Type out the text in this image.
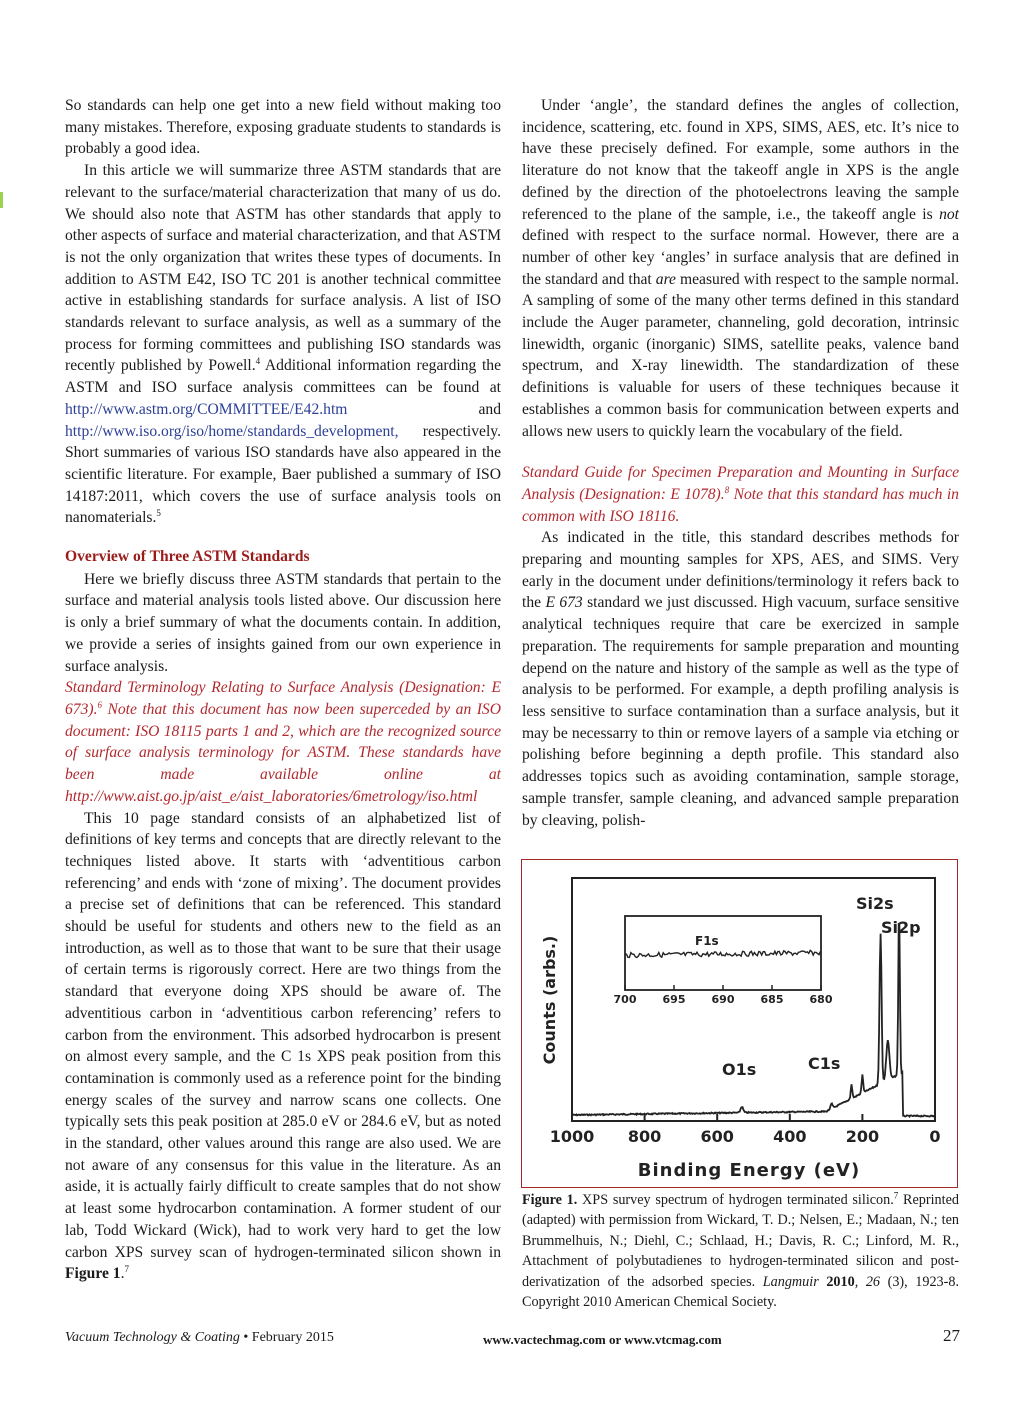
So standards can help one get into a new field without making too many mistakes. Therefore, exposing graduate students to standards is probably a good idea.

In this article we will summarize three ASTM standards that are relevant to the surface/material characterization that many of us do. We should also note that ASTM has other standards that apply to other aspects of surface and material characterization, and that ASTM is not the only organization that writes these types of documents. In addition to ASTM E42, ISO TC 201 is another technical committee active in establishing standards for surface analysis. A list of ISO standards relevant to surface analysis, as well as a summary of the process for forming committees and publishing ISO standards was recently published by Powell.$^4$ Additional information regarding the ASTM and ISO surface analysis committees can be found at http://www.astm.org/COMMITTEE/E42.htm and http://www.iso.org/iso/home/standards_development, respectively. Short summaries of various ISO standards have also appeared in the scientific literature. For example, Baer published a summary of ISO 14187:2011, which covers the use of surface analysis tools on nanomaterials.$^5$

Overview of Three ASTM Standards

Here we briefly discuss three ASTM standards that pertain to the surface and material analysis tools listed above. Our discussion here is only a brief summary of what the documents contain. In addition, we provide a series of insights gained from our own experience in surface analysis.

Standard Terminology Relating to Surface Analysis (Designation: E 673).$^6$ Note that this document has now been superceded by an ISO document: ISO 18115 parts 1 and 2, which are the recognized source of surface analysis terminology for ASTM. These standards have been made available online at http://www.aist.go.jp/aist_e/aist_laboratories/6metrology/iso.html

This 10 page standard consists of an alphabetized list of definitions of key terms and concepts that are directly relevant to the techniques listed above. It starts with ‘adventitious carbon referencing’ and ends with ‘zone of mixing’. The document provides a precise set of definitions that can be referenced. This standard should be useful for students and others new to the field as an introduction, as well as to those that want to be sure that their usage of certain terms is rigorously correct. Here are two things from the standard that everyone doing XPS should be aware of. The adventitious carbon in ‘adventitious carbon referencing’ refers to carbon from the environment. This adsorbed hydrocarbon is present on almost every sample, and the C 1s XPS peak position from this contamination is commonly used as a reference point for the binding energy scales of the survey and narrow scans one collects. One typically sets this peak position at 285.0 eV or 284.6 eV, but as noted in the standard, other values around this range are also used. We are not aware of any consensus for this value in the literature. As an aside, it is actually fairly difficult to create samples that do not show at least some hydrocarbon contamination. A former student of our lab, Todd Wickard (Wick), had to work very hard to get the low carbon XPS survey scan of hydrogen-terminated silicon shown in Figure 1.$^7$

Under ‘angle’, the standard defines the angles of collection, incidence, scattering, etc. found in XPS, SIMS, AES, etc. It’s nice to have these precisely defined. For example, some authors in the literature do not know that the takeoff angle in XPS is the angle defined by the direction of the photoelectrons leaving the sample referenced to the plane of the sample, i.e., the takeoff angle is not defined with respect to the surface normal. However, there are a number of other key ‘angles’ in surface analysis that are defined in the standard and that are measured with respect to the sample normal. A sampling of some of the many other terms defined in this standard include the Auger parameter, channeling, gold decoration, intrinsic linewidth, organic (inorganic) SIMS, satellite peaks, valence band spectrum, and X-ray linewidth. The standardization of these definitions is valuable for users of these techniques because it establishes a common basis for communication between experts and allows new users to quickly learn the vocabulary of the field.

Standard Guide for Specimen Preparation and Mounting in Surface Analysis (Designation: E 1078).$^8$ Note that this standard has much in common with ISO 18116.

As indicated in the title, this standard describes methods for preparing and mounting samples for XPS, AES, and SIMS. Very early in the document under definitions/terminology it refers back to the E 673 standard we just discussed. High vacuum, surface sensitive analytical techniques require that care be exercized in sample preparation. The requirements for sample preparation and mounting depend on the nature and history of the sample as well as the type of analysis to be performed. For example, a depth profiling analysis is less sensitive to surface contamination than a surface analysis, but it may be necessarry to thin or remove layers of a sample via etching or polishing before beginning a depth profile. This standard also addresses topics such as avoiding contamination, sample storage, sample transfer, sample cleaning, and advanced sample preparation by cleaving, polish-

1000 800 600 400 200	0
Counts (arbs.)
Binding Energy (eV)
O1s	C1s
Si2s
Si2p
700 695 690 685 680
F1s
Figure 1. XPS survey spectrum of hydrogen terminated silicon.$^7$ Reprinted (adapted) with permission from Wickard, T. D.; Nelsen, E.; Madaan, N.; ten Brummelhuis, N.; Diehl, C.; Schlaad, H.; Davis, R. C.; Linford, M. R., Attachment of polybutadienes to hydrogen-terminated silicon and post-derivatization of the adsorbed species. Langmuir 2010, 26 (3), 1923-8. Copyright 2010 American Chemical Society.
Vacuum Technology & Coating • February 2015	www.vactechmag.com or www.vtcmag.com	27
